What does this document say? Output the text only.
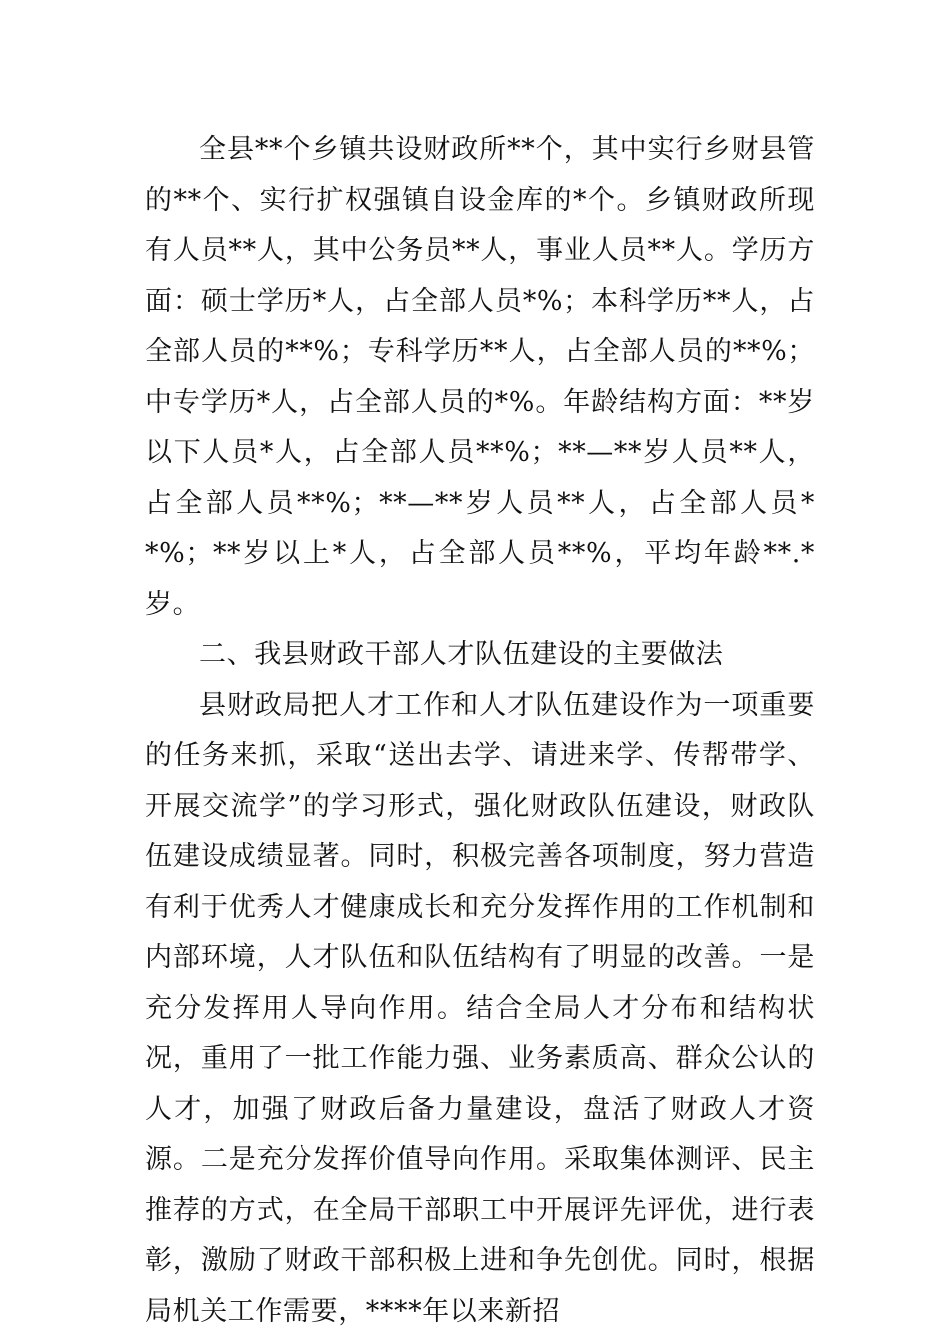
全县**个乡镇共设财政所**个，其中实行乡财县管的**个、实行扩权强镇自设金库的*个。乡镇财政所现有人员**人，其中公务员**人，事业人员**人。学历方面：硕士学历*人，占全部人员*%；本科学历**人，占全部人员的**%；专科学历**人，占全部人员的**%；中专学历*人，占全部人员的*%。年龄结构方面：**岁以下人员*人，占全部人员**%；**—**岁人员**人，占全部人员**%；**—**岁人员**人，占全部人员**%；**岁以上*人，占全部人员**%，平均年龄**.*岁。

二、我县财政干部人才队伍建设的主要做法

县财政局把人才工作和人才队伍建设作为一项重要的任务来抓，采取“送出去学、请进来学、传帮带学、开展交流学”的学习形式，强化财政队伍建设，财政队伍建设成绩显著。同时，积极完善各项制度，努力营造有利于优秀人才健康成长和充分发挥作用的工作机制和内部环境，人才队伍和队伍结构有了明显的改善。一是充分发挥用人导向作用。结合全局人才分布和结构状况，重用了一批工作能力强、业务素质高、群众公认的人才，加强了财政后备力量建设，盘活了财政人才资源。二是充分发挥价值导向作用。采取集体测评、民主推荐的方式，在全局干部职工中开展评先评优，进行表彰，激励了财政干部积极上进和争先创优。同时，根据局机关工作需要，****年以来新招
